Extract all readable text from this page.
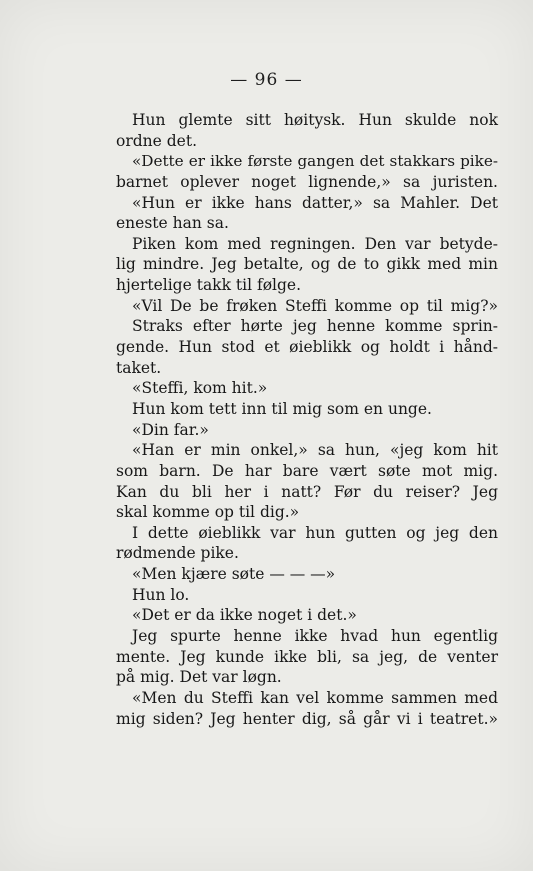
— 96 —
Hun glemte sitt høitysk. Hun skulde nok
ordne det.
«Dette er ikke første gangen det stakkars pike-
barnet oplever noget lignende,» sa juristen.
«Hun er ikke hans datter,» sa Mahler. Det
eneste han sa.
Piken kom med regningen. Den var betyde-
lig mindre. Jeg betalte, og de to gikk med min
hjertelige takk til følge.
«Vil De be frøken Steffi komme op til mig?»
Straks efter hørte jeg henne komme sprin-
gende. Hun stod et øieblikk og holdt i hånd-
taket.
«Steffi, kom hit.»
Hun kom tett inn til mig som en unge.
«Din far.»
«Han er min onkel,» sa hun, «jeg kom hit
som barn. De har bare vært søte mot mig.
Kan du bli her i natt? Før du reiser? Jeg
skal komme op til dig.»
I dette øieblikk var hun gutten og jeg den
rødmende pike.
«Men kjære søte — — —»
Hun lo.
«Det er da ikke noget i det.»
Jeg spurte henne ikke hvad hun egentlig
mente. Jeg kunde ikke bli, sa jeg, de venter
på mig. Det var løgn.
«Men du Steffi kan vel komme sammen med
mig siden? Jeg henter dig, så går vi i teatret.»
